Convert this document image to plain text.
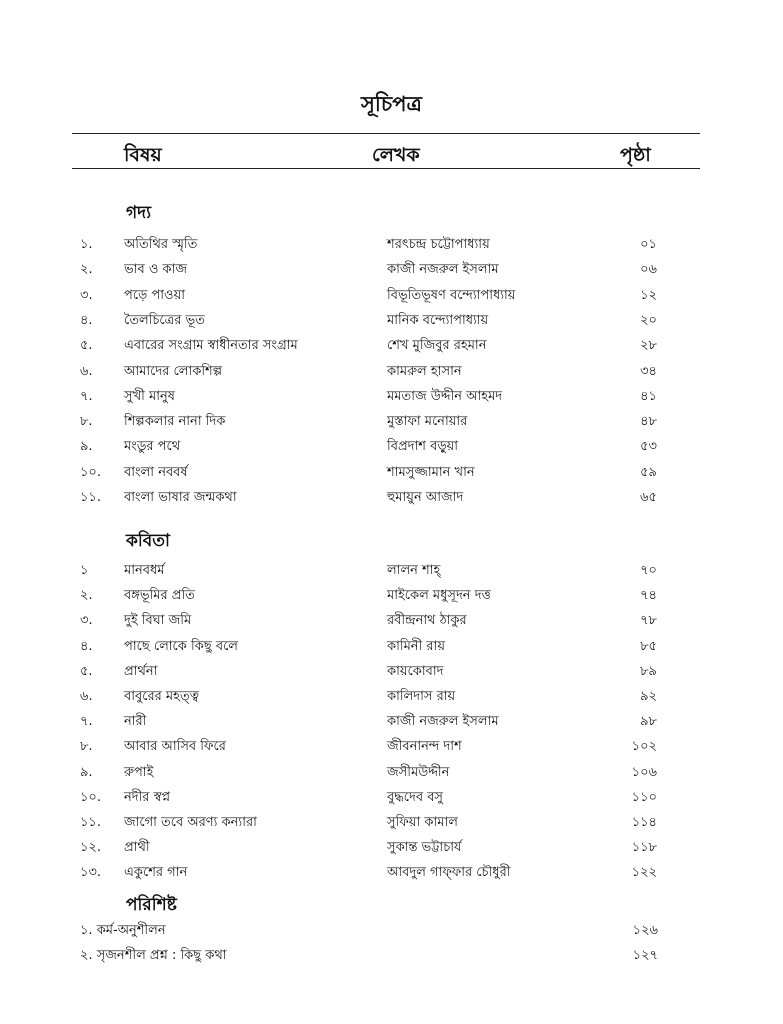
সূচিপত্র
বিষয়	লেখক	পৃষ্ঠা
গদ্য
১. অতিথির স্মৃতি	শরৎচন্দ্র চট্টোপাধ্যায়	০১
২. ভাব ও কাজ	কাজী নজরুল ইসলাম	০৬
৩. পড়ে পাওয়া	বিভূতিভূষণ বন্দ্যোপাধ্যায়	১২
৪. তৈলচিত্রের ভূত	মানিক বন্দ্যোপাধ্যায়	২০
৫. এবারের সংগ্রাম স্বাধীনতার সংগ্রাম	শেখ মুজিবুর রহমান	২৮
৬. আমাদের লোকশিল্প	কামরুল হাসান	৩৪
৭. সুখী মানুষ	মমতাজ উদ্দীন আহমদ	৪১
৮. শিল্পকলার নানা দিক	মুস্তাফা মনোয়ার	৪৮
৯. মংডুর পথে	বিপ্রদাশ বড়ুয়া	৫৩
১০. বাংলা নববর্ষ	শামসুজ্জামান খান	৫৯
১১. বাংলা ভাষার জন্মকথা	হুমায়ুন আজাদ	৬৫
কবিতা
১	মানবধর্ম	লালন শাহ্	৭০
২. বঙ্গভূমির প্রতি	মাইকেল মধুসূদন দত্ত	৭৪
৩. দুই বিঘা জমি	রবীন্দ্রনাথ ঠাকুর	৭৮
৪. পাছে লোকে কিছু বলে	কামিনী রায়	৮৫
৫. প্রার্থনা	কায়কোবাদ	৮৯
৬. বাবুরের মহত্ত্ব	কালিদাস রায়	৯২
৭. নারী	কাজী নজরুল ইসলাম	৯৮
৮. আবার আসিব ফিরে	জীবনানন্দ দাশ	১০২
৯. রুপাই	জসীমউদ্দীন	১০৬
১০. নদীর স্বপ্ন	বুদ্ধদেব বসু	১১০
১১. জাগো তবে অরণ্য কন্যারা	সুফিয়া কামাল	১১৪
১২. প্রাথী	সুকান্ত ভট্টাচার্য	১১৮
১৩. একুশের গান	আবদুল গাফ্‌ফার চৌধুরী	১২২
পরিশিষ্ট
১. কর্ম-অনুশীলন	১২৬
২. সৃজনশীল প্রশ্ন : কিছু কথা	১২৭
